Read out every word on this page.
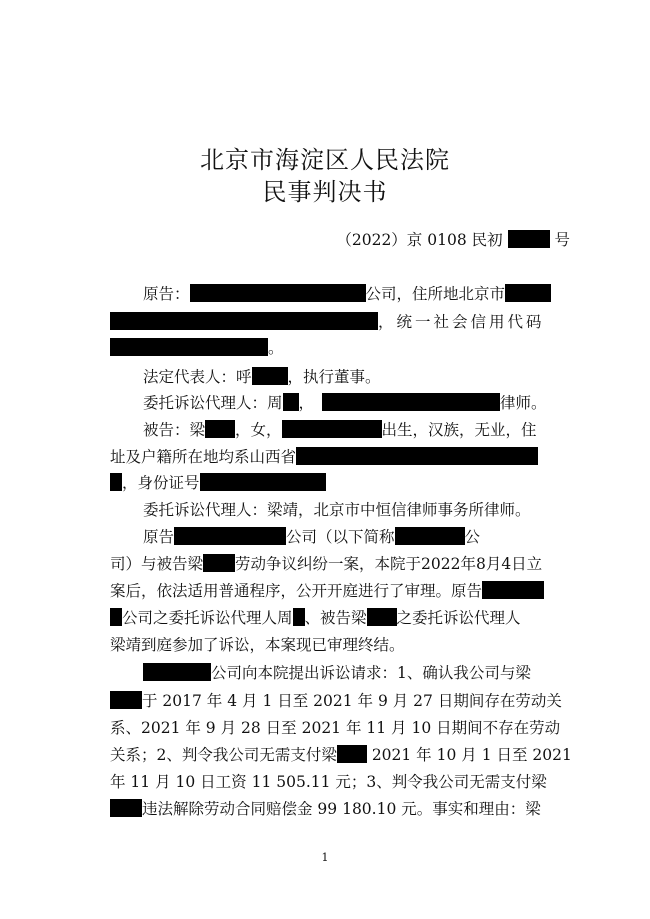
北京市海淀区人民法院
民事判决书
（2022）京 0108 民初	号
原告：	公司，住所地北京市
，统一社会信用代码
。
法定代表人：呼 ，执行董事。
委托诉讼代理人：周 ，	律师。
被告：梁 ，女，	出生，汉族，无业，住
址及户籍所在地均系山西省
，身份证号
委托诉讼代理人：梁靖，北京市中恒信律师事务所律师。
原告	公司（以下简称	公
司）与被告梁 劳动争议纠纷一案，本院于2022年8月4日立
案后，依法适用普通程序，公开开庭进行了审理。原告
公司之委托诉讼代理人周 、被告梁 之委托诉讼代理人
梁靖到庭参加了诉讼，本案现已审理终结。
公司向本院提出诉讼请求：1、确认我公司与梁
于 2017 年 4 月 1 日至 2021 年 9 月 27 日期间存在劳动关
系、2021 年 9 月 28 日至 2021 年 11 月 10 日期间不存在劳动
关系；2、判令我公司无需支付梁 2021 年 10 月 1 日至 2021
年 11 月 10 日工资 11 505.11 元；3、判令我公司无需支付梁
违法解除劳动合同赔偿金 99 180.10 元。事实和理由：梁
1
